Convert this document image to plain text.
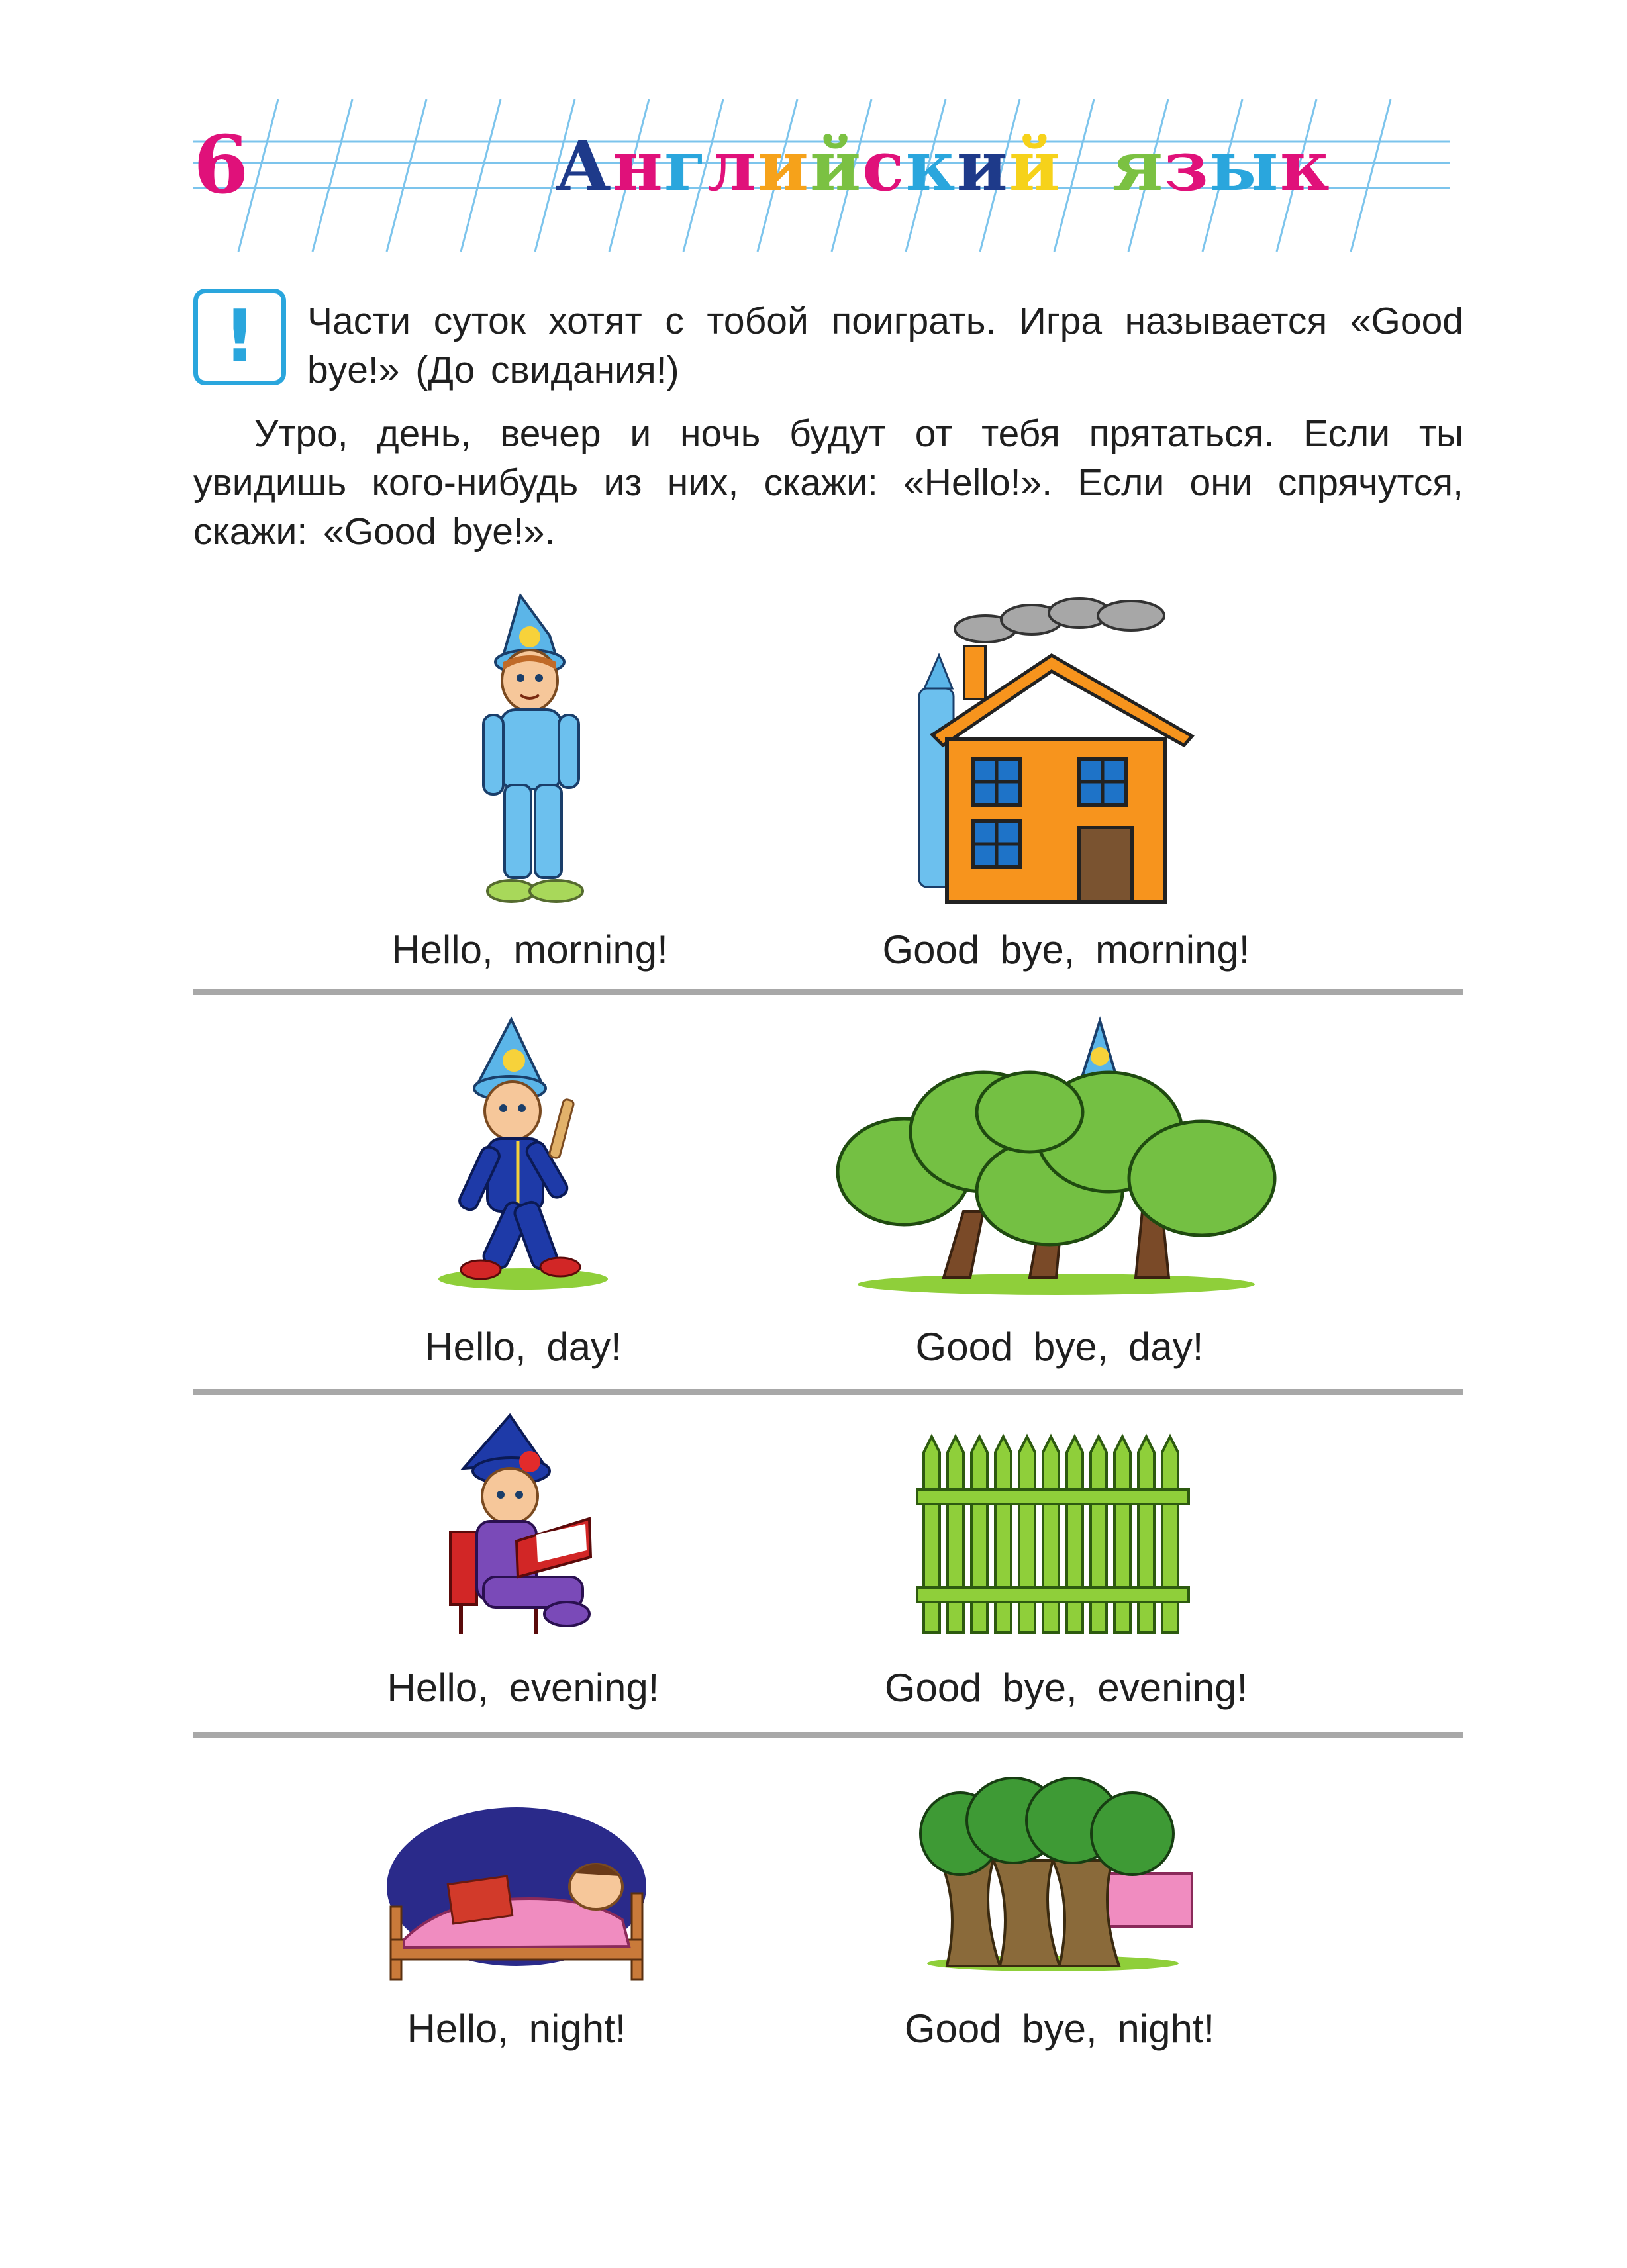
6	Английский язык
!	Части суток хотят с тобой поиграть. Игра называется «Good bye!» (До свидания!)
Утро, день, вечер и ночь будут от тебя прятаться. Если ты увидишь кого-нибудь из них, скажи: «Hello!». Если они спрячутся, скажи: «Good bye!».
Hello, morning!	Good bye, morning!
Hello, day!	Good bye, day!
Hello, evening!	Good bye, evening!
Hello, night!	Good bye, night!
